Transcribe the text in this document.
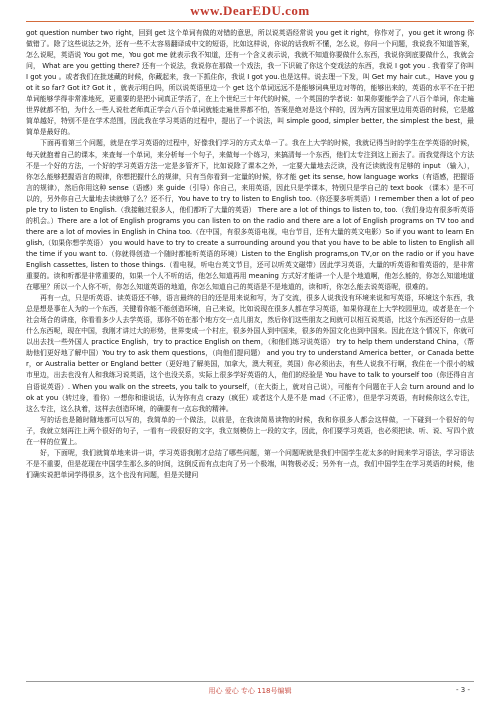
www.DearEDU.com

got question number two right，回到 get 这个单词有做的对错的意思，所以说英语经常说 you get it right，你作对了，you get it wrong 你做错了。除了这些说法之外，还有一些不太容易翻译成中文的短语，比如这样说，你说的话我听不懂，怎么说，你问一个问题，我说我不知道答案，怎么说呢，英语说 You got me，You got me 就表示我不知道，还有一个含义表示说，我就不知道你要做什么东西，我说你到底要做什么，我就会问， What are you getting there? 还有一个说法，我说你在那做一个戏法，我一下识破了你这个变戏法的东西，我说 I got you . 我看穿了你叫 I got you 。或者我们在批迷藏的时候，你藏起来，我一下抓住你，我说 I got you.也是这样。说去理一下发，叫 Get my hair cut.，Have you got it so far? Got it? Got it ，就表示明白吗，所以说英语里边一个 get 这个单词远远不是能够词典里边对等的，能够出来的，英语的水平不在于把单词能够学得非常准地死，更重要的是把小词真正学活了，在上个世纪三十年代的时候，一个英国的学者说：如果你要能学会了八百个单词，你走遍世界就都不怕，为什么一些人说杜老师真正学会八百个单词就能走遍世界都不怕，答案是绝对是这个样的，因为两方国家里边用英语的时候，它是越简单越好，特别不是在学术范围，因此我在学习英语的过程中，提出了一个说法，叫 simple good, simpler better, the simplest the best，最简单是最好的。

下面再看第三个问题，就是在学习英语的过程中，好像我们学习的方式太单一了。我在上大学的时候，我就记得当时的学生在学英语的时候，每天就抱着自己的课本，来查每一个单词，来分析每一个句子，来做每一个练习，来搞清每一个东西，他们太专注到这上面去了。而我觉得这个方法不是一个好的方法，一个好的学习英语方法一定是多管齐下，比如说除了课本之外，一定要大量地去泛读，没有泛读就没有足够的 input （输入），你怎么能够把握语言的规律，你想把握什么的规律，只有当你看到一定量的时候，你才能 get its sense, how language works（有语感，把握语言的规律），然后你用这种 sense（语感）来 guide（引导）你自己，来用英语，因此只是学课本，特别只是学自己的 text book （课本）是不可以的，另外你自己大量地去读就够了么？还不行，You have to try to listen to English too.（你还要多听英语）I remember then a lot of people try to listen to English.（我接触过很多人，他们都听了大量的英语） There are a lot of things to listen to, too.（我们身边有很多听英语的机会。）There are a lot of English programs you can listen to on the radio and there are a lot of English programs on TV too and there are a lot of movies in English in China too.（在中国，有很多英语电视，电台节目，还有大量的英文电影）So if you want to learn English,（如果你想学英语） you would have to try to create a surrounding around you that you have to be able to listen to English all the time if you want to.（你就得创造一个随时都能听英语的环境）Listen to the English programs,on TV,or on the radio or if you have English cassettes, listen to those things.（看电视，听电台英文节目，还可以听英文磁带）因此学习英语，大量的听英语和看英语的，是非常重要的。读和听都是非常重要的，如果一个人不听的话，他怎么知道再用 meaning 方式好才能讲一个人是个地道啊，他怎么能的，你怎么知道地道在哪里？所以一个人你不听，你怎么知道英语的地道，你怎么知道自己的英语是不是地道的，读和听，你怎么能去说英语呢，很难的。

再有一点，只是听英语、读英语还不够，语言最终的目的还是用来说和写，为了交流，很多人说我没有环境来说和写英语，环境这个东西，我总是想是事在人为的一个东西，关键看你能不能创造环境，自己来说，比如说现在很多人都在学习英语，如果你现在上大学校园里边，或者是在一个社会场合的讲座，你看看多少人去学英语，那你不妨在那个地方交一点儿朋友，然后你们这些朋友之间就可以相互说英语，比这个东西还好的一点是什么东西呢，现在中国，我刚才讲过大的形势，世界变成一个村庄，很多外国人到中国来，很多的外国文化也到中国来。因此在这个情况下，你就可以出去找一些外国人 practice English，try to practice English on them，（和他们练习说英语） try to help them understand China，（帮助他们更好地了解中国）You try to ask them questions，（向他们提问题） and you try to understand America better，or Canada better，or Australia better or England better（更好地了解美国，加拿大，澳大利亚，英国）你必须出去，有些人说我不行啊，我住在一个很小的城市里边，出去也没有人和我练习说英语，这个也没关系，实际上很多学好英语的人，他们的经验是 You have to talk to yourself too（你还得自言自语说英语）. When you walk on the streets, you talk to yourself，（在大街上，就对自己说），可能有个问题在于人会 turn around and look at you（转过身，看你）一想你和谁说话，认为你有点 crazy（疯狂）或者这个人是不是 mad（不正常），但是学习英语，有时候你这么专注，这么专注，这么执着，这样去创造环境，的确要有一点忘我的精神。

写的话也是随时随地都可以写的，我简单的一个做法，以前是，在我读简易读物的时候，我和你很多人都会这样做，一下碰到一个很好的句子，我就立刻再注上两个很好的句子，一看有一段很好的文字，我立刻模仿上一段的文字，因此，你们要学习英语，也必须把读、听、说、写四个放在一样的位置上。

好，下面呢，我们就简单地来讲一讲，学习英语我刚才总结了哪些问题，第一个问题呢就是我们中国学生花太多的时间来学习语法，学习语法不是不重要，但是花现在中国学生那么多的时间，这倒反而有点走向了另一个极端，叫物极必反；另外有一点，我们中国学生在学习英语的时候，他们确实说把单词学得很多，这个也没有问题，但是关键问

用心 爱心 专心 118号编辑	- 3 -
